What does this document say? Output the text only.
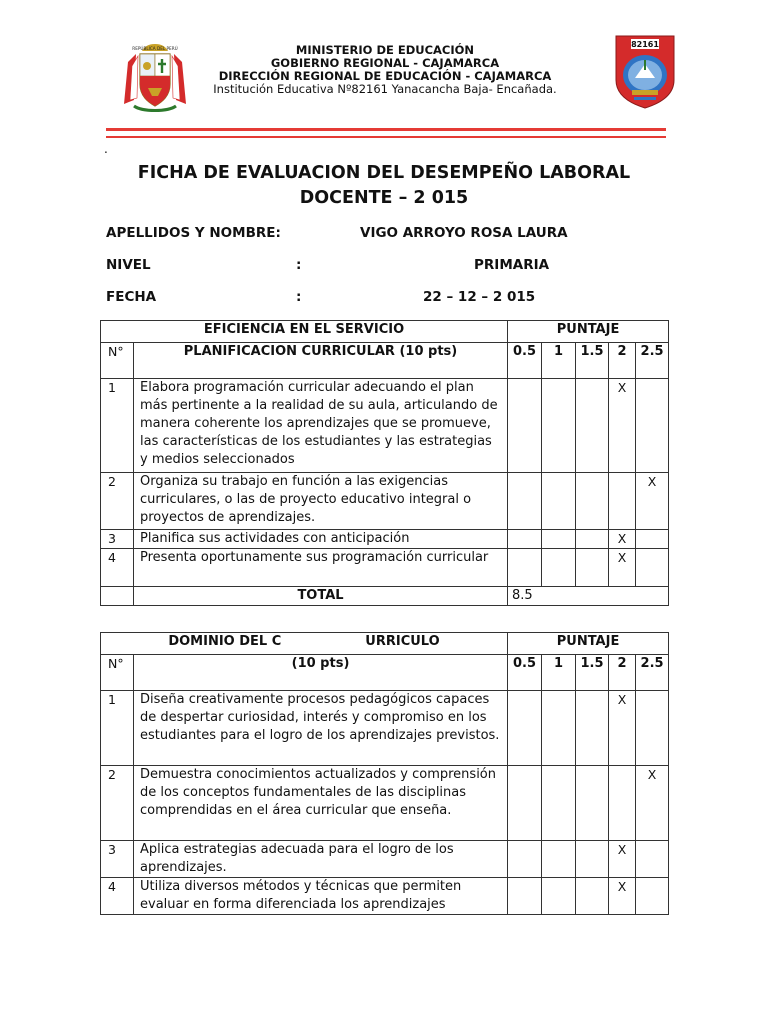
REPÚBLICA DEL PERÚ	MINISTERIO DE EDUCACIÓN
GOBIERNO REGIONAL - CAJAMARCA
DIRECCIÓN REGIONAL DE EDUCACIÓN - CAJAMARCA
Institución Educativa Nº82161 Yanacancha Baja- Encañada.
82161
.
FICHA DE EVALUACION DEL DESEMPEÑO LABORAL
DOCENTE – 2 015
APELLIDOS Y NOMBRE:	VIGO ARROYO ROSA LAURA
NIVEL	:	PRIMARIA
FECHA	:	22 – 12 – 2 015
EFICIENCIA EN EL SERVICIO		PUNTAJE				
N°	PLANIFICACION CURRICULAR (10 pts)	0.5	1	1.5	2	2.5
1	Elabora programación curricular adecuando el plan más pertinente a la realidad de su aula, articulando de manera coherente los aprendizajes que se promueve, las características de los estudiantes y las estrategias y medios seleccionados				X	
2	Organiza su trabajo en función a las exigencias curriculares, o las de proyecto educativo integral o proyectos de aprendizajes.					X
3	Planifica sus actividades con anticipación				X	
4	Presenta oportunamente sus programación curricular				X	
	TOTAL	8.5				
DOMINIO DEL C URRICULO		PUNTAJE				
N°	(10 pts)	0.5	1	1.5	2	2.5
1	Diseña creativamente procesos pedagógicos capaces de despertar curiosidad, interés y compromiso en los estudiantes para el logro de los aprendizajes previstos.				X	
2	Demuestra conocimientos actualizados y comprensión de los conceptos fundamentales de las disciplinas comprendidas en el área curricular que enseña.					X
3	Aplica estrategias adecuada para el logro de los aprendizajes.				X	
4	Utiliza diversos métodos y técnicas que permiten evaluar en forma diferenciada los aprendizajes				X	
